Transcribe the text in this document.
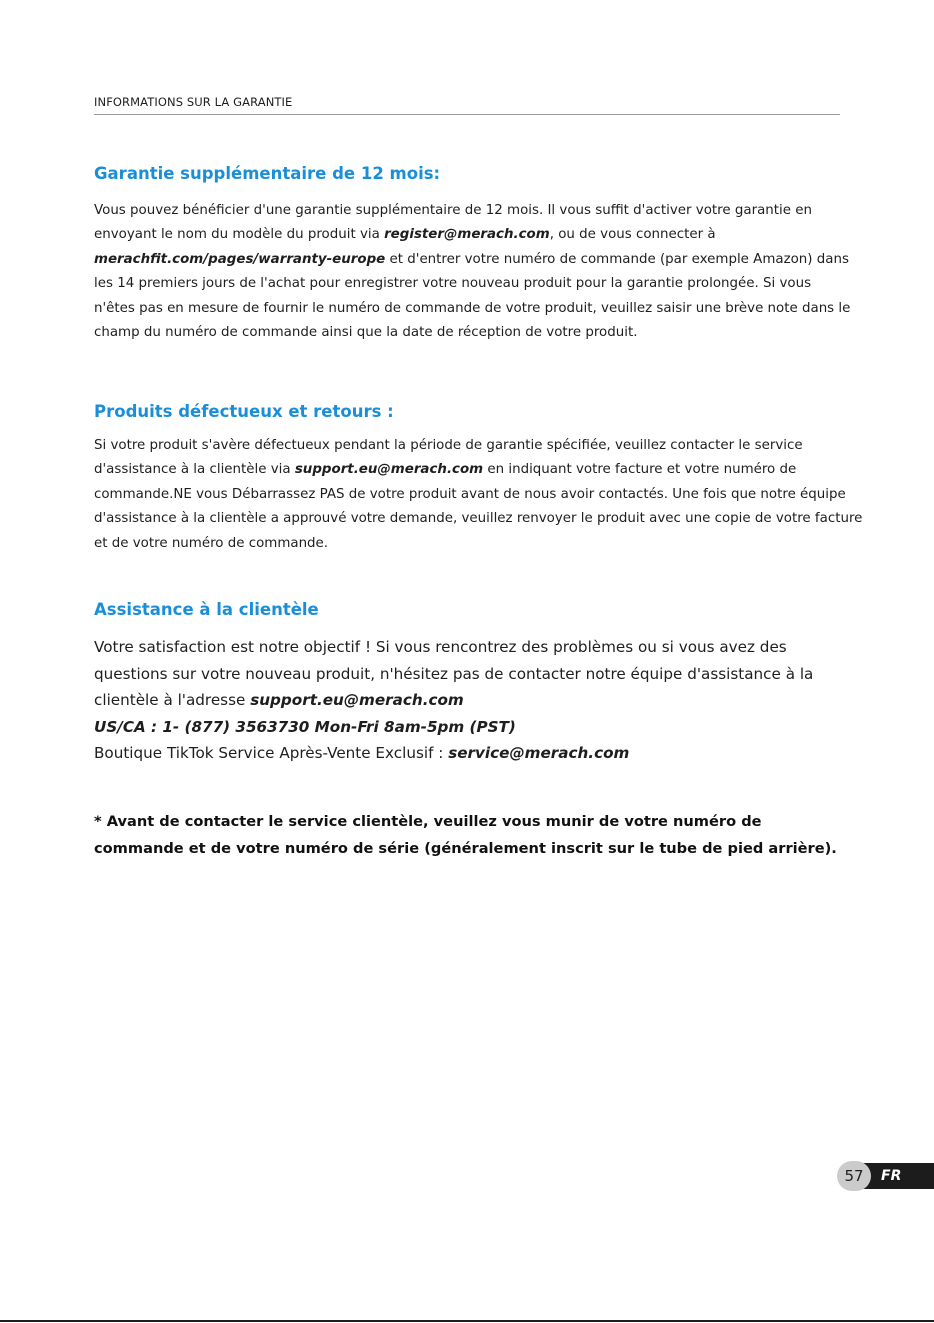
INFORMATIONS SUR LA GARANTIE
Garantie supplémentaire de 12 mois:

Vous pouvez bénéficier d'une garantie supplémentaire de 12 mois. Il vous suffit d'activer votre garantie en envoyant le nom du modèle du produit via register@merach.com, ou de vous connecter à merachfit.com/pages/warranty-europe et d'entrer votre numéro de commande (par exemple Amazon) dans les 14 premiers jours de l'achat pour enregistrer votre nouveau produit pour la garantie prolongée. Si vous n'êtes pas en mesure de fournir le numéro de commande de votre produit, veuillez saisir une brève note dans le champ du numéro de commande ainsi que la date de réception de votre produit.

Produits défectueux et retours :

Si votre produit s'avère défectueux pendant la période de garantie spécifiée, veuillez contacter le service d'assistance à la clientèle via support.eu@merach.com en indiquant votre facture et votre numéro de commande.NE vous Débarrassez PAS de votre produit avant de nous avoir contactés. Une fois que notre équipe d'assistance à la clientèle a approuvé votre demande, veuillez renvoyer le produit avec une copie de votre facture et de votre numéro de commande.

Assistance à la clientèle
Votre satisfaction est notre objectif ! Si vous rencontrez des problèmes ou si vous avez des questions sur votre nouveau produit, n'hésitez pas de contacter notre équipe d'assistance à la clientèle à l'adresse support.eu@merach.com
US/CA : 1- (877) 3563730 Mon-Fri 8am-5pm (PST)
Boutique TikTok Service Après-Vente Exclusif : service@merach.com

* Avant de contacter le service clientèle, veuillez vous munir de votre numéro de commande et de votre numéro de série (généralement inscrit sur le tube de pied arrière).

57	FR
